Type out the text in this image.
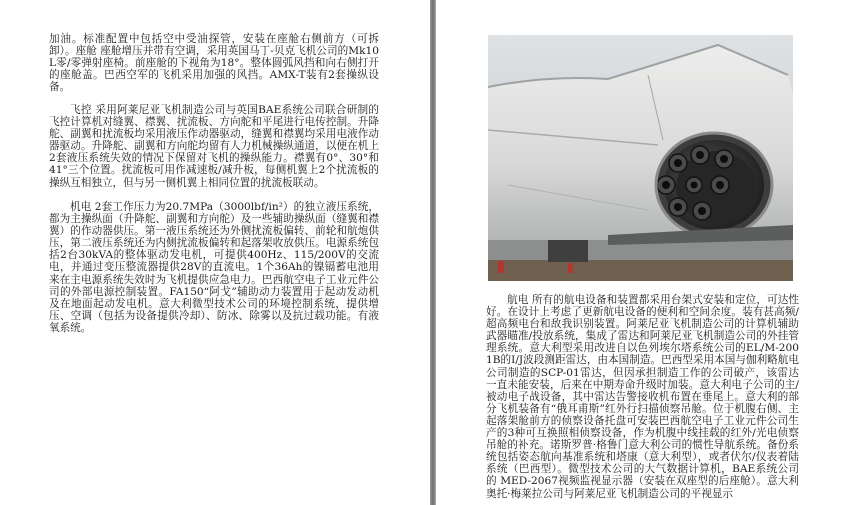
加油。标准配置中包括空中受油探管，安装在座舱右侧前方（可拆卸）。座舱 座舱增压并带有空调，采用英国马丁-贝克飞机公司的Mk10L零/零弹射座椅。前座舱的下视角为18°。整体圆弧风挡和向右侧打开的座舱盖。巴西空军的飞机采用加强的风挡。AMX-T装有2套操纵设备。

飞控 采用阿莱尼亚飞机制造公司与英国BAE系统公司联合研制的飞控计算机对缝翼、襟翼、扰流板、方向舵和平尾进行电传控制。升降舵、副翼和扰流板均采用液压作动器驱动，缝翼和襟翼均采用电液作动器驱动。升降舵、副翼和方向舵均留有人力机械操纵通道，以便在机上2套液压系统失效的情况下保留对飞机的操纵能力。襟翼有0°、30°和41°三个位置。扰流板可用作减速板/减升板，每侧机翼上2个扰流板的操纵互相独立，但与另一侧机翼上相同位置的扰流板联动。

机电 2套工作压力为20.7MPa（3000lbf/in²）的独立液压系统，都为主操纵面（升降舵、副翼和方向舵）及一些辅助操纵面（缝翼和襟翼）的作动器供压。第一液压系统还为外侧扰流板偏转、前轮和航炮供压，第二液压系统还为内侧扰流板偏转和起落架收放供压。电源系统包括2台30kVA的整体驱动发电机，可提供400Hz、115/200V的交流电，并通过变压整流器提供28V的直流电。1个36Ah的镍镉蓄电池用来在主电源系统失效时为飞机提供应急电力。巴西航空电子工业元件公司的外部电源控制装置。FA150“阿戈”辅助动力装置用于起动发动机及在地面起动发电机。意大利微型技术公司的环境控制系统，提供增压、空调（包括为设备提供冷却）、防冰、除雾以及抗过载功能。有液氧系统。

航电 所有的航电设备和装置都采用台架式安装和定位，可达性好。在设计上考虑了更新航电设备的便利和空间余度。装有甚高频/超高频电台和敌我识别装置。阿莱尼亚飞机制造公司的计算机辅助武器瞄准/投放系统，集成了雷达和阿莱尼亚飞机制造公司的外挂管理系统。意大利型采用改进自以色列埃尔塔系统公司的EL/M-2001B的I/J波段测距雷达，由本国制造。巴西型采用本国与伽利略航电公司制造的SCP-01雷达，但因承担制造工作的公司破产，该雷达一直未能安装，后来在中期寿命升级时加装。意大利电子公司的主/被动电子战设备，其中雷达告警接收机布置在垂尾上。意大利的部分飞机装备有“俄耳甫斯”红外行扫描侦察吊舱。位于机腹右侧、主起落架舱前方的侦察设备托盘可安装巴西航空电子工业元件公司生产的3种可互换照相侦察设备，作为机腹中线挂载的红外/光电侦察吊舱的补充。诺斯罗普·格鲁门意大利公司的惯性导航系统。备份系统包括姿态航向基准系统和塔康（意大利型），或者伏尔/仪表着陆系统（巴西型）。微型技术公司的大气数据计算机，BAE系统公司的 MED-2067视频监视显示器（安装在双座型的后座舱）。意大利奥托·梅莱拉公司与阿莱尼亚飞机制造公司的平视显示
